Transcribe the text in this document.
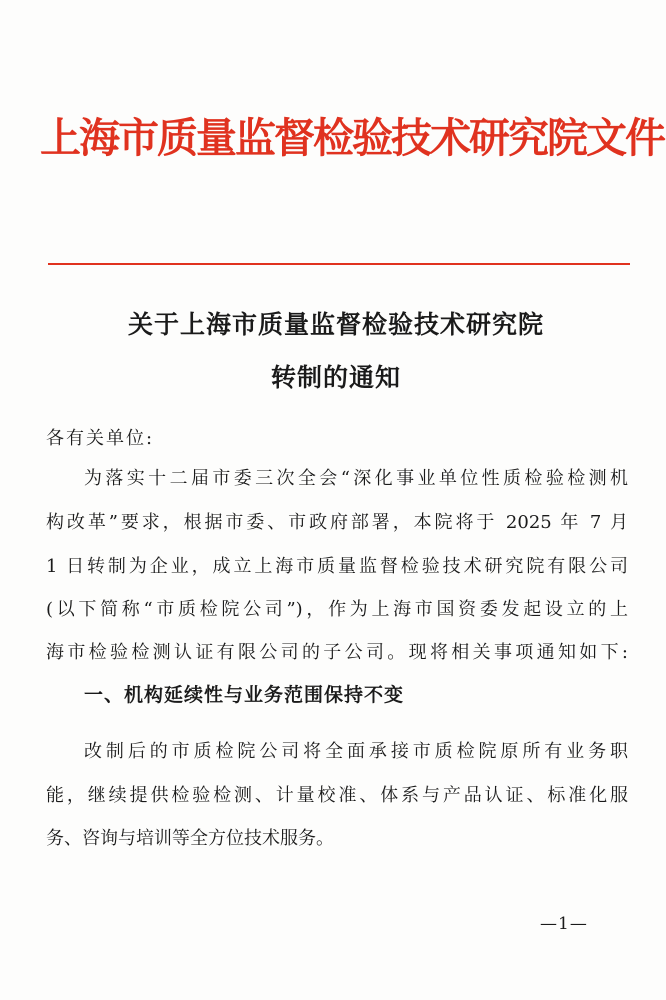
上海市质量监督检验技术研究院文件
关于上海市质量监督检验技术研究院
转制的通知
各有关单位:
为落实十二届市委三次全会“深化事业单位性质检验检测机
构改革”要求，根据市委、市政府部署，本院将于 2025 年 7 月
1 日转制为企业，成立上海市质量监督检验技术研究院有限公司
(以下简称“市质检院公司”)，作为上海市国资委发起设立的上
海市检验检测认证有限公司的子公司。现将相关事项通知如下:
一、机构延续性与业务范围保持不变
改制后的市质检院公司将全面承接市质检院原所有业务职
能，继续提供检验检测、计量校准、体系与产品认证、标准化服
务、咨询与培训等全方位技术服务。
—1—
